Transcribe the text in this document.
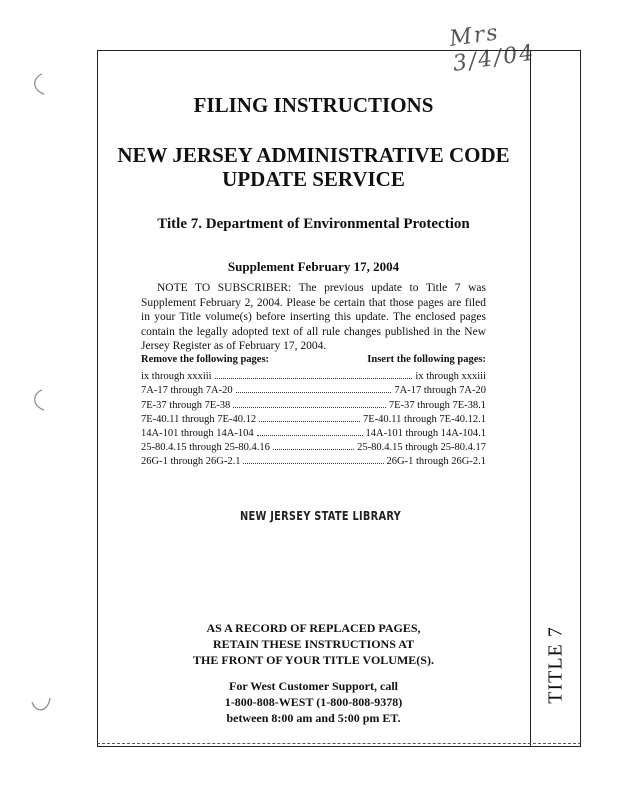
Mrs 3/4/04
TITLE 7
FILING INSTRUCTIONS
NEW JERSEY ADMINISTRATIVE CODE
UPDATE SERVICE
Title 7. Department of Environmental Protection
Supplement February 17, 2004
NOTE TO SUBSCRIBER: The previous update to Title 7 was Supplement February 2, 2004. Please be certain that those pages are filed in your Title volume(s) before inserting this update. The enclosed pages contain the legally adopted text of all rule changes published in the New Jersey Register as of February 17, 2004.
Remove the following pages:	Insert the following pages:
ix through xxxiii	ix through xxxiii
7A-17 through 7A-20	7A-17 through 7A-20
7E-37 through 7E-38	7E-37 through 7E-38.1
7E-40.11 through 7E-40.12	7E-40.11 through 7E-40.12.1
14A-101 through 14A-104	14A-101 through 14A-104.1
25-80.4.15 through 25-80.4.16	25-80.4.15 through 25-80.4.17
26G-1 through 26G-2.1	26G-1 through 26G-2.1
NEW JERSEY STATE LIBRARY
AS A RECORD OF REPLACED PAGES,
RETAIN THESE INSTRUCTIONS AT
THE FRONT OF YOUR TITLE VOLUME(S).
For West Customer Support, call
1-800-808-WEST (1-800-808-9378)
between 8:00 am and 5:00 pm ET.
